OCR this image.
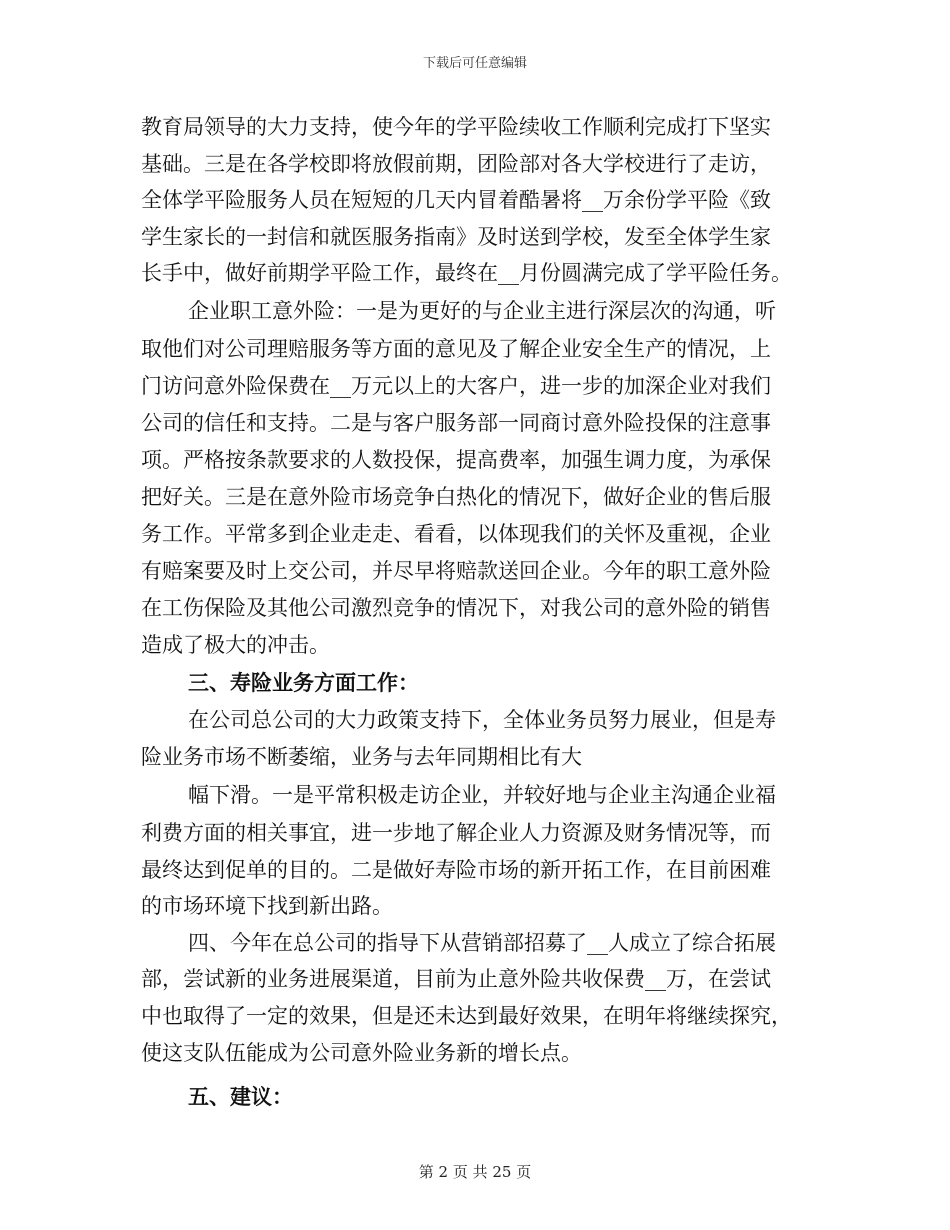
下载后可任意编辑
教育局领导的大力支持，使今年的学平险续收工作顺利完成打下坚实
基础。三是在各学校即将放假前期，团险部对各大学校进行了走访，
全体学平险服务人员在短短的几天内冒着酷暑将__万余份学平险《致
学生家长的一封信和就医服务指南》及时送到学校，发至全体学生家
长手中，做好前期学平险工作，最终在__月份圆满完成了学平险任务。
企业职工意外险：一是为更好的与企业主进行深层次的沟通，听
取他们对公司理赔服务等方面的意见及了解企业安全生产的情况，上
门访问意外险保费在__万元以上的大客户，进一步的加深企业对我们
公司的信任和支持。二是与客户服务部一同商讨意外险投保的注意事
项。严格按条款要求的人数投保，提高费率，加强生调力度，为承保
把好关。三是在意外险市场竞争白热化的情况下，做好企业的售后服
务工作。平常多到企业走走、看看，以体现我们的关怀及重视，企业
有赔案要及时上交公司，并尽早将赔款送回企业。今年的职工意外险
在工伤保险及其他公司激烈竞争的情况下，对我公司的意外险的销售
造成了极大的冲击。
三、寿险业务方面工作：
在公司总公司的大力政策支持下，全体业务员努力展业，但是寿
险业务市场不断萎缩，业务与去年同期相比有大
幅下滑。一是平常积极走访企业，并较好地与企业主沟通企业福
利费方面的相关事宜，进一步地了解企业人力资源及财务情况等，而
最终达到促单的目的。二是做好寿险市场的新开拓工作，在目前困难
的市场环境下找到新出路。
四、今年在总公司的指导下从营销部招募了__人成立了综合拓展
部，尝试新的业务进展渠道，目前为止意外险共收保费__万，在尝试
中也取得了一定的效果，但是还未达到最好效果，在明年将继续探究，
使这支队伍能成为公司意外险业务新的增长点。
五、建议：
第 2 页 共 25 页
